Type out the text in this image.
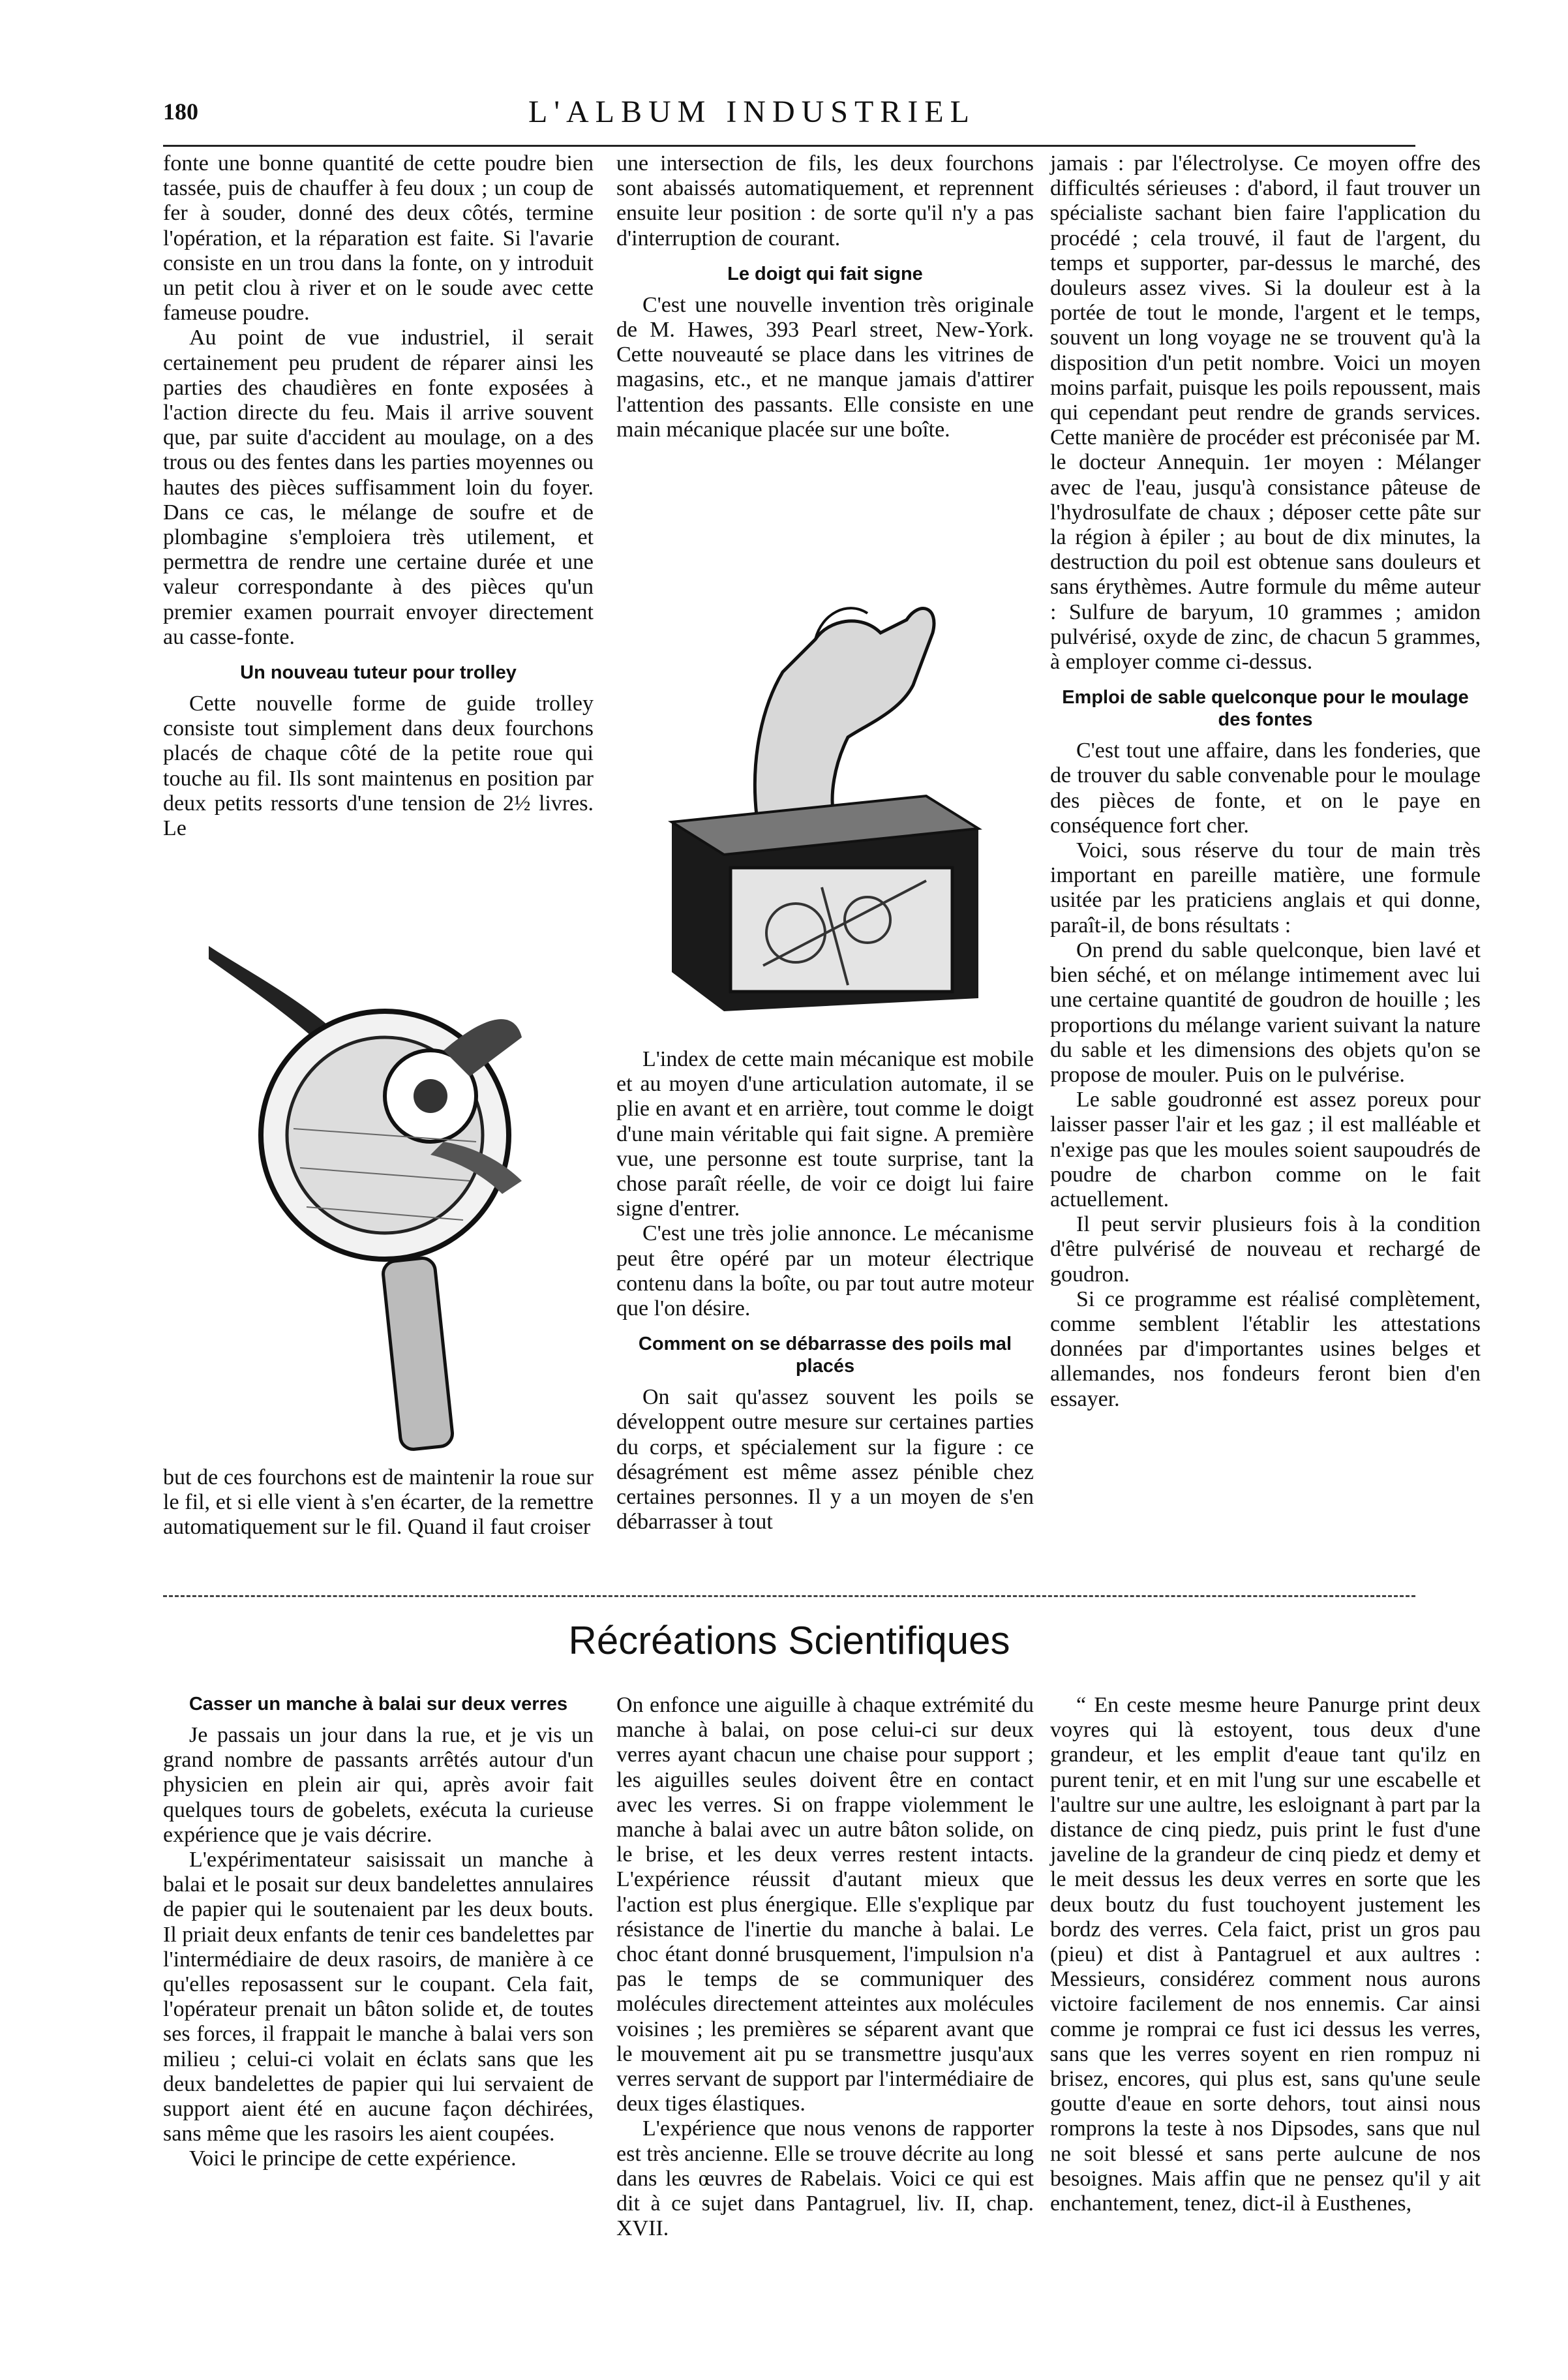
180	L'ALBUM INDUSTRIEL

fonte une bonne quantité de cette poudre bien tassée, puis de chauffer à feu doux ; un coup de fer à souder, donné des deux côtés, termine l'opération, et la réparation est faite. Si l'avarie consiste en un trou dans la fonte, on y introduit un petit clou à river et on le soude avec cette fameuse poudre.

Au point de vue industriel, il serait certainement peu prudent de réparer ainsi les parties des chaudières en fonte exposées à l'action directe du feu. Mais il arrive souvent que, par suite d'accident au moulage, on a des trous ou des fentes dans les parties moyennes ou hautes des pièces suffisamment loin du foyer. Dans ce cas, le mélange de soufre et de plombagine s'emploiera très utilement, et permettra de rendre une certaine durée et une valeur correspondante à des pièces qu'un premier examen pourrait envoyer directement au casse-fonte.

Un nouveau tuteur pour trolley

Cette nouvelle forme de guide trolley consiste tout simplement dans deux fourchons placés de chaque côté de la petite roue qui touche au fil. Ils sont maintenus en position par deux petits ressorts d'une tension de 2½ livres. Le

but de ces fourchons est de maintenir la roue sur le fil, et si elle vient à s'en écarter, de la remettre automatiquement sur le fil. Quand il faut croiser

une intersection de fils, les deux fourchons sont abaissés automatiquement, et reprennent ensuite leur position : de sorte qu'il n'y a pas d'interruption de courant.

Le doigt qui fait signe

C'est une nouvelle invention très originale de M. Hawes, 393 Pearl street, New-York. Cette nouveauté se place dans les vitrines de magasins, etc., et ne manque jamais d'attirer l'attention des passants. Elle consiste en une main mécanique placée sur une boîte.

L'index de cette main mécanique est mobile et au moyen d'une articulation automate, il se plie en avant et en arrière, tout comme le doigt d'une main véritable qui fait signe. A première vue, une personne est toute surprise, tant la chose paraît réelle, de voir ce doigt lui faire signe d'entrer.

C'est une très jolie annonce. Le mécanisme peut être opéré par un moteur électrique contenu dans la boîte, ou par tout autre moteur que l'on désire.

Comment on se débarrasse des poils mal placés

On sait qu'assez souvent les poils se développent outre mesure sur certaines parties du corps, et spécialement sur la figure : ce désagrément est même assez pénible chez certaines personnes. Il y a un moyen de s'en débarrasser à tout

jamais : par l'électrolyse. Ce moyen offre des difficultés sérieuses : d'abord, il faut trouver un spécialiste sachant bien faire l'application du procédé ; cela trouvé, il faut de l'argent, du temps et supporter, par-dessus le marché, des douleurs assez vives. Si la douleur est à la portée de tout le monde, l'argent et le temps, souvent un long voyage ne se trouvent qu'à la disposition d'un petit nombre. Voici un moyen moins parfait, puisque les poils repoussent, mais qui cependant peut rendre de grands services. Cette manière de procéder est préconisée par M. le docteur Annequin. 1er moyen : Mélanger avec de l'eau, jusqu'à consistance pâteuse de l'hydrosulfate de chaux ; déposer cette pâte sur la région à épiler ; au bout de dix minutes, la destruction du poil est obtenue sans douleurs et sans érythèmes. Autre formule du même auteur : Sulfure de baryum, 10 grammes ; amidon pulvérisé, oxyde de zinc, de chacun 5 grammes, à employer comme ci-dessus.

Emploi de sable quelconque pour le moulage des fontes

C'est tout une affaire, dans les fonderies, que de trouver du sable convenable pour le moulage des pièces de fonte, et on le paye en conséquence fort cher.

Voici, sous réserve du tour de main très important en pareille matière, une formule usitée par les praticiens anglais et qui donne, paraît-il, de bons résultats :

On prend du sable quelconque, bien lavé et bien séché, et on mélange intimement avec lui une certaine quantité de goudron de houille ; les proportions du mélange varient suivant la nature du sable et les dimensions des objets qu'on se propose de mouler. Puis on le pulvérise.

Le sable goudronné est assez poreux pour laisser passer l'air et les gaz ; il est malléable et n'exige pas que les moules soient saupoudrés de poudre de charbon comme on le fait actuellement.

Il peut servir plusieurs fois à la condition d'être pulvérisé de nouveau et rechargé de goudron.

Si ce programme est réalisé complètement, comme semblent l'établir les attestations données par d'importantes usines belges et allemandes, nos fondeurs feront bien d'en essayer.

Récréations Scientifiques
Casser un manche à balai sur deux verres

Je passais un jour dans la rue, et je vis un grand nombre de passants arrêtés autour d'un physicien en plein air qui, après avoir fait quelques tours de gobelets, exécuta la curieuse expérience que je vais décrire.

L'expérimentateur saisissait un manche à balai et le posait sur deux bandelettes annulaires de papier qui le soutenaient par les deux bouts. Il priait deux enfants de tenir ces bandelettes par l'intermédiaire de deux rasoirs, de manière à ce qu'elles reposassent sur le coupant. Cela fait, l'opérateur prenait un bâton solide et, de toutes ses forces, il frappait le manche à balai vers son milieu ; celui-ci volait en éclats sans que les deux bandelettes de papier qui lui servaient de support aient été en aucune façon déchirées, sans même que les rasoirs les aient coupées.

Voici le principe de cette expérience.

On enfonce une aiguille à chaque extrémité du manche à balai, on pose celui-ci sur deux verres ayant chacun une chaise pour support ; les aiguilles seules doivent être en contact avec les verres. Si on frappe violemment le manche à balai avec un autre bâton solide, on le brise, et les deux verres restent intacts. L'expérience réussit d'autant mieux que l'action est plus énergique. Elle s'explique par résistance de l'inertie du manche à balai. Le choc étant donné brusquement, l'impulsion n'a pas le temps de se communiquer des molécules directement atteintes aux molécules voisines ; les premières se séparent avant que le mouvement ait pu se transmettre jusqu'aux verres servant de support par l'intermédiaire de deux tiges élastiques.

L'expérience que nous venons de rapporter est très ancienne. Elle se trouve décrite au long dans les œuvres de Rabelais. Voici ce qui est dit à ce sujet dans Pantagruel, liv. II, chap. XVII.

“ En ceste mesme heure Panurge print deux voyres qui là estoyent, tous deux d'une grandeur, et les emplit d'eaue tant qu'ilz en purent tenir, et en mit l'ung sur une escabelle et l'aultre sur une aultre, les esloignant à part par la distance de cinq piedz, puis print le fust d'une javeline de la grandeur de cinq piedz et demy et le meit dessus les deux verres en sorte que les deux boutz du fust touchoyent justement les bordz des verres. Cela faict, prist un gros pau (pieu) et dist à Pantagruel et aux aultres : Messieurs, considérez comment nous aurons victoire facilement de nos ennemis. Car ainsi comme je romprai ce fust ici dessus les verres, sans que les verres soyent en rien rompuz ni brisez, encores, qui plus est, sans qu'une seule goutte d'eaue en sorte dehors, tout ainsi nous romprons la teste à nos Dipsodes, sans que nul ne soit blessé et sans perte aulcune de nos besoignes. Mais affin que ne pensez qu'il y ait enchantement, tenez, dict-il à Eusthenes,
